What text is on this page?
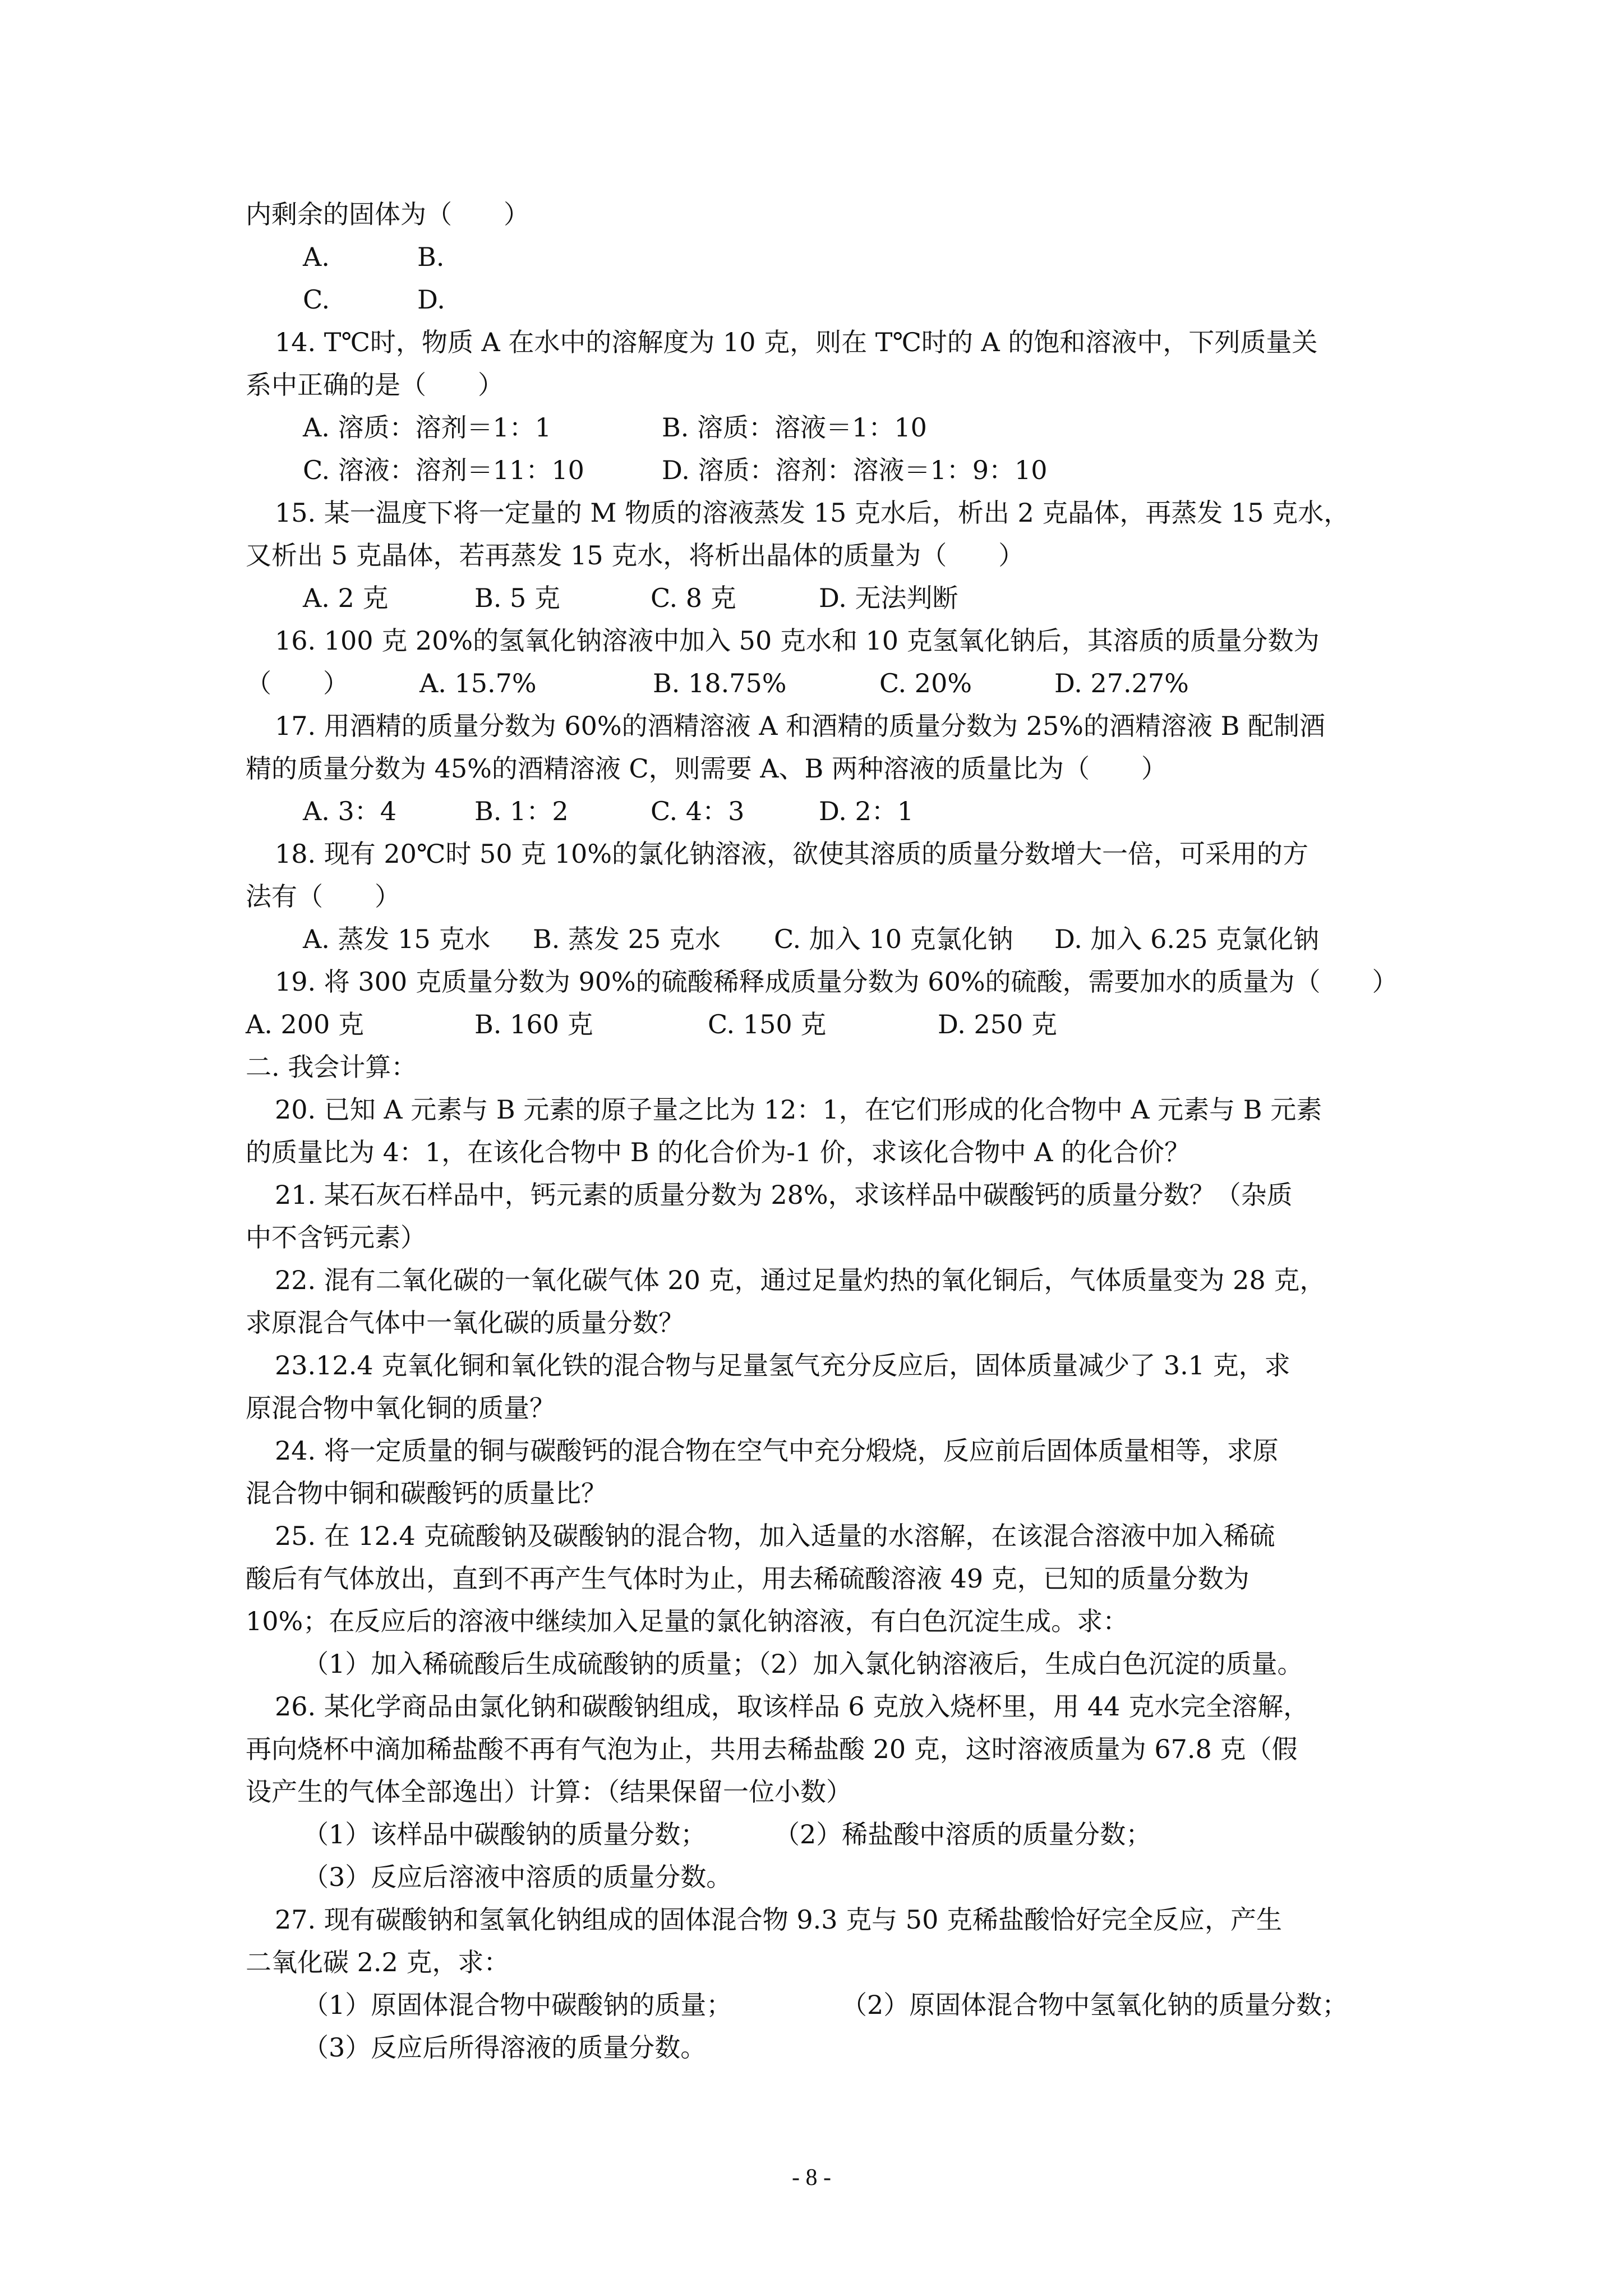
内剩余的固体为（　　）
A.	B.
C.	D.
14. T℃时，物质 A 在水中的溶解度为 10 克，则在 T℃时的 A 的饱和溶液中，下列质量关
系中正确的是（　　）
A. 溶质：溶剂＝1：1	B. 溶质：溶液＝1：10
C. 溶液：溶剂＝11：10	D. 溶质：溶剂：溶液＝1：9：10
15. 某一温度下将一定量的 M 物质的溶液蒸发 15 克水后，析出 2 克晶体，再蒸发 15 克水，
又析出 5 克晶体，若再蒸发 15 克水，将析出晶体的质量为（　　）
A. 2 克	B. 5 克	C. 8 克	D. 无法判断
16. 100 克 20%的氢氧化钠溶液中加入 50 克水和 10 克氢氧化钠后，其溶质的质量分数为
（　　）	A. 15.7%	B. 18.75%	C. 20%	D. 27.27%
17. 用酒精的质量分数为 60%的酒精溶液 A 和酒精的质量分数为 25%的酒精溶液 B 配制酒
精的质量分数为 45%的酒精溶液 C，则需要 A、B 两种溶液的质量比为（　　）
A. 3：4	B. 1：2	C. 4：3	D. 2：1
18. 现有 20℃时 50 克 10%的氯化钠溶液，欲使其溶质的质量分数增大一倍，可采用的方
法有（　　）
A. 蒸发 15 克水 B. 蒸发 25 克水 C. 加入 10 克氯化钠 D. 加入 6.25 克氯化钠
19. 将 300 克质量分数为 90%的硫酸稀释成质量分数为 60%的硫酸，需要加水的质量为（　　）
A. 200 克	B. 160 克	C. 150 克	D. 250 克
二. 我会计算：
20. 已知 A 元素与 B 元素的原子量之比为 12：1，在它们形成的化合物中 A 元素与 B 元素
的质量比为 4：1，在该化合物中 B 的化合价为-1 价，求该化合物中 A 的化合价？
21. 某石灰石样品中，钙元素的质量分数为 28%，求该样品中碳酸钙的质量分数？（杂质
中不含钙元素）
22. 混有二氧化碳的一氧化碳气体 20 克，通过足量灼热的氧化铜后，气体质量变为 28 克，
求原混合气体中一氧化碳的质量分数？
23.12.4 克氧化铜和氧化铁的混合物与足量氢气充分反应后，固体质量减少了 3.1 克，求
原混合物中氧化铜的质量？
24. 将一定质量的铜与碳酸钙的混合物在空气中充分煅烧，反应前后固体质量相等，求原
混合物中铜和碳酸钙的质量比？
25. 在 12.4 克硫酸钠及碳酸钠的混合物，加入适量的水溶解，在该混合溶液中加入稀硫
酸后有气体放出，直到不再产生气体时为止，用去稀硫酸溶液 49 克，已知的质量分数为
10%；在反应后的溶液中继续加入足量的氯化钠溶液，有白色沉淀生成。求：
（1）加入稀硫酸后生成硫酸钠的质量；（2）加入氯化钠溶液后，生成白色沉淀的质量。
26. 某化学商品由氯化钠和碳酸钠组成，取该样品 6 克放入烧杯里，用 44 克水完全溶解，
再向烧杯中滴加稀盐酸不再有气泡为止，共用去稀盐酸 20 克，这时溶液质量为 67.8 克（假
设产生的气体全部逸出）计算：（结果保留一位小数）
（1）该样品中碳酸钠的质量分数；	（2）稀盐酸中溶质的质量分数；
（3）反应后溶液中溶质的质量分数。
27. 现有碳酸钠和氢氧化钠组成的固体混合物 9.3 克与 50 克稀盐酸恰好完全反应，产生
二氧化碳 2.2 克，求：
（1）原固体混合物中碳酸钠的质量；	（2）原固体混合物中氢氧化钠的质量分数；
（3）反应后所得溶液的质量分数。
- 8 -
